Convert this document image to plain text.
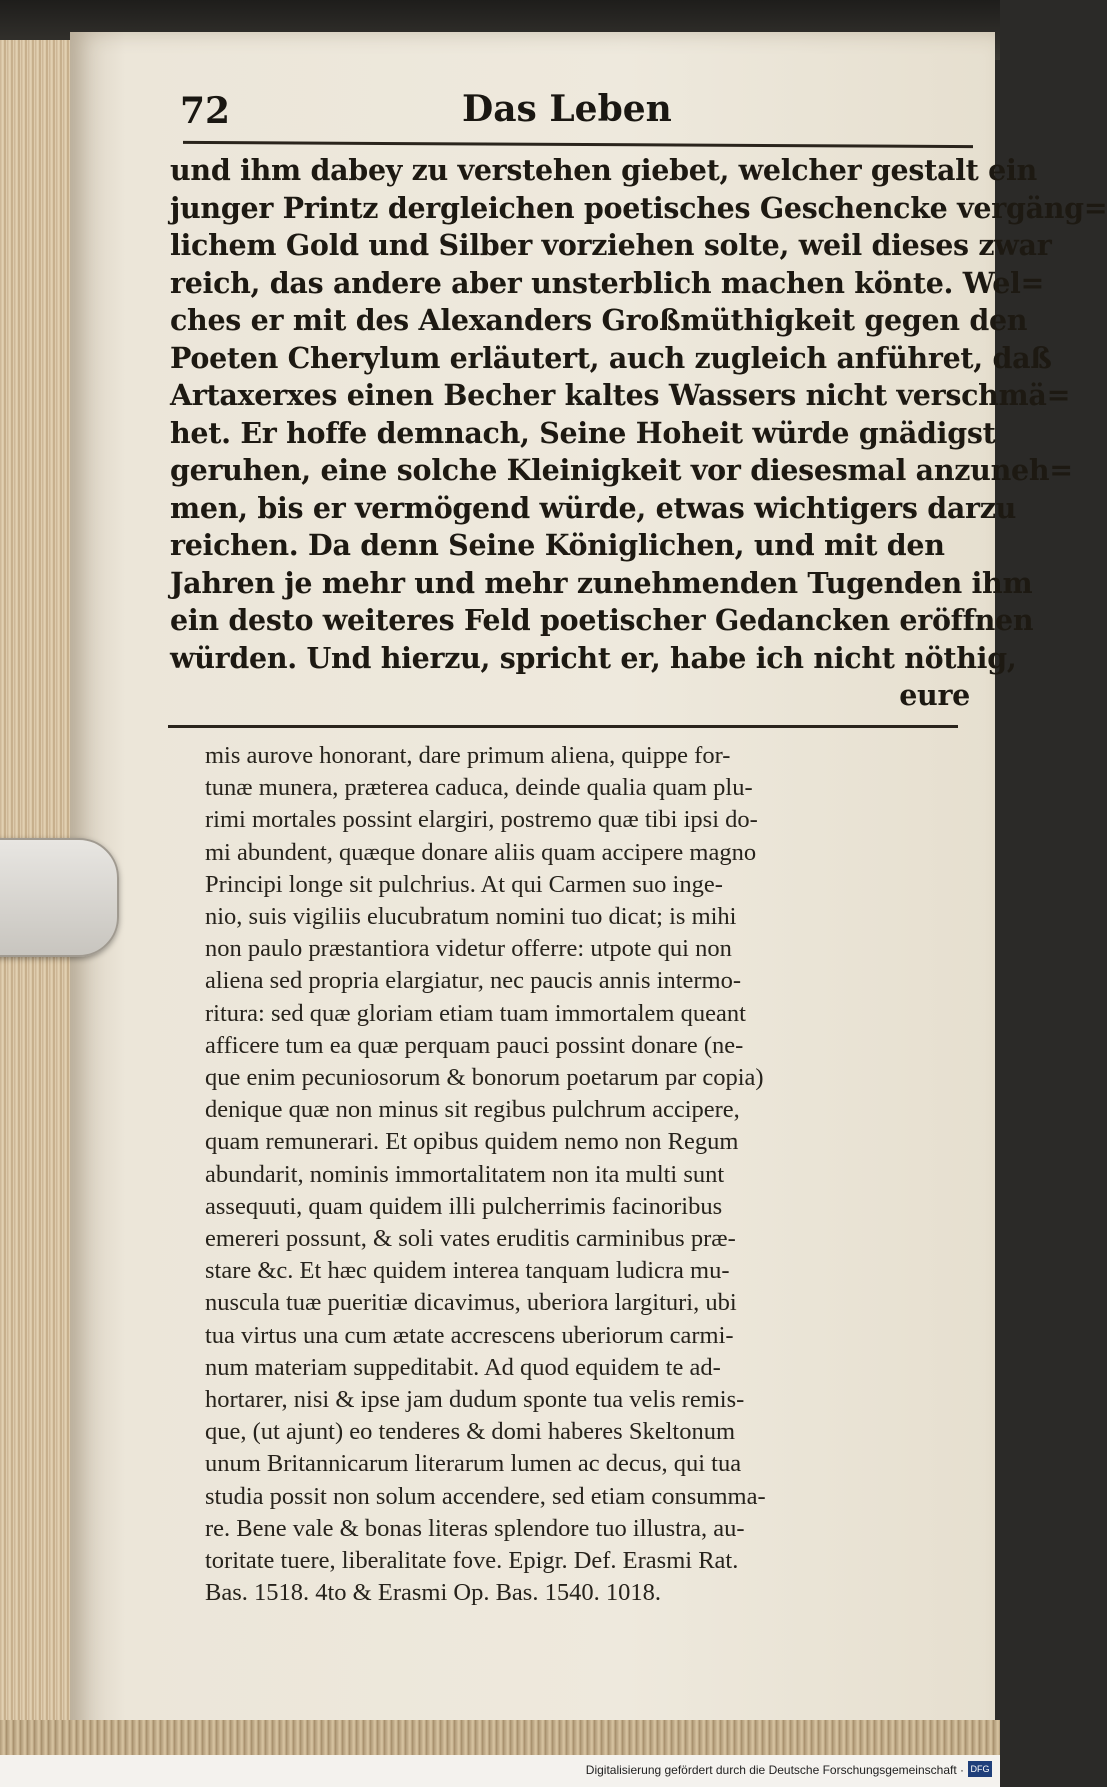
72	Das Leben
und ihm dabey zu verstehen giebet, welcher gestalt ein
junger Printz dergleichen poetisches Geschencke vergäng=
lichem Gold und Silber vorziehen solte, weil dieses zwar
reich, das andere aber unsterblich machen könte. Wel=
ches er mit des Alexanders Großmüthigkeit gegen den
Poeten Cherylum erläutert, auch zugleich anführet, daß
Artaxerxes einen Becher kaltes Wassers nicht verschmä=
het. Er hoffe demnach, Seine Hoheit würde gnädigst
geruhen, eine solche Kleinigkeit vor diesesmal anzuneh=
men, bis er vermögend würde, etwas wichtigers darzu
reichen. Da denn Seine Königlichen, und mit den
Jahren je mehr und mehr zunehmenden Tugenden ihm
ein desto weiteres Feld poetischer Gedancken eröffnen
würden. Und hierzu, spricht er, habe ich nicht nöthig,
eure
mis aurove honorant, dare primum aliena, quippe for-
tunæ munera, præterea caduca, deinde qualia quam plu-
rimi mortales possint elargiri, postremo quæ tibi ipsi do-
mi abundent, quæque donare aliis quam accipere magno
Principi longe sit pulchrius. At qui Carmen suo inge-
nio, suis vigiliis elucubratum nomini tuo dicat; is mihi
non paulo præstantiora videtur offerre: utpote qui non
aliena sed propria elargiatur, nec paucis annis intermo-
ritura: sed quæ gloriam etiam tuam immortalem queant
afficere tum ea quæ perquam pauci possint donare (ne-
que enim pecuniosorum & bonorum poetarum par copia)
denique quæ non minus sit regibus pulchrum accipere,
quam remunerari. Et opibus quidem nemo non Regum
abundarit, nominis immortalitatem non ita multi sunt
assequuti, quam quidem illi pulcherrimis facinoribus
emereri possunt, & soli vates eruditis carminibus præ-
stare &c. Et hæc quidem interea tanquam ludicra mu-
nuscula tuæ pueritiæ dicavimus, uberiora largituri, ubi
tua virtus una cum ætate accrescens uberiorum carmi-
num materiam suppeditabit. Ad quod equidem te ad-
hortarer, nisi & ipse jam dudum sponte tua velis remis-
que, (ut ajunt) eo tenderes & domi haberes Skeltonum
unum Britannicarum literarum lumen ac decus, qui tua
studia possit non solum accendere, sed etiam consumma-
re. Bene vale & bonas literas splendore tuo illustra, au-
toritate tuere, liberalitate fove. Epigr. Def. Erasmi Rat.
Bas. 1518. 4to & Erasmi Op. Bas. 1540. 1018.
Digitalisierung gefördert durch die Deutsche Forschungsgemeinschaft · DFG
